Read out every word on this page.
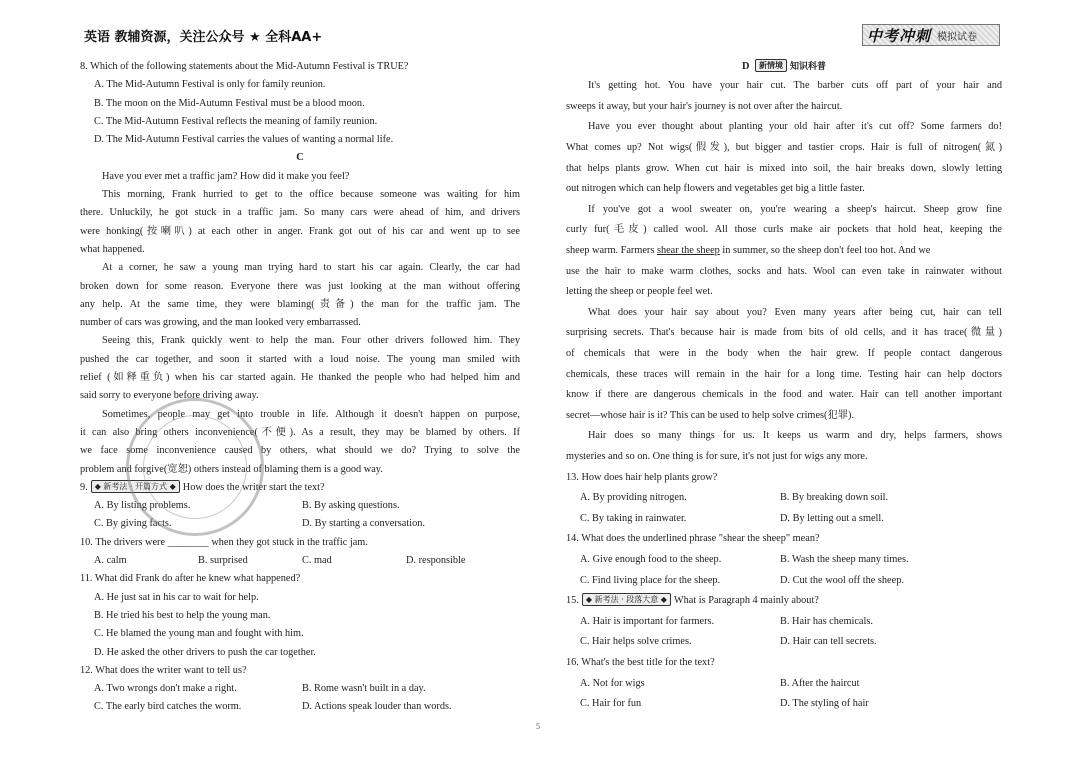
英语 教辅资源，关注公众号 ★ 全科AA+	中考冲刺 模拟试卷
8. Which of the following statements about the Mid-Autumn Festival is TRUE?
A. The Mid-Autumn Festival is only for family reunion.
B. The moon on the Mid-Autumn Festival must be a blood moon.
C. The Mid-Autumn Festival reflects the meaning of family reunion.
D. The Mid-Autumn Festival carries the values of wanting a normal life.
C
Have you ever met a traffic jam? How did it make you feel?
This morning, Frank hurried to get to the office because someone was waiting for him
there. Unluckily, he got stuck in a traffic jam. So many cars were ahead of him, and drivers
were honking(按喇叭) at each other in anger. Frank got out of his car and went up to see
what happened.
At a corner, he saw a young man trying hard to start his car again. Clearly, the car had
broken down for some reason. Everyone there was just looking at the man without offering
any help. At the same time, they were blaming(责备) the man for the traffic jam. The
number of cars was growing, and the man looked very embarrassed.
Seeing this, Frank quickly went to help the man. Four other drivers followed him. They
pushed the car together, and soon it started with a loud noise. The young man smiled with
relief (如释重负) when his car started again. He thanked the people who had helped him and
said sorry to everyone before driving away.
Sometimes, people may get into trouble in life. Although it doesn't happen on purpose,
it can also bring others inconvenience(不便). As a result, they may be blamed by others. If
we face some inconvenience caused by others, what should we do? Trying to solve the
problem and forgive(宽恕) others instead of blaming them is a good way.
9. ◆ 新考法 · 开篇方式 ◆ How does the writer start the text?
A. By listing problems.	B. By asking questions.
C. By giving facts.	D. By starting a conversation.
10. The drivers were ________ when they got stuck in the traffic jam.
A. calm	B. surprised	C. mad	D. responsible
11. What did Frank do after he knew what happened?
A. He just sat in his car to wait for help.
B. He tried his best to help the young man.
C. He blamed the young man and fought with him.
D. He asked the other drivers to push the car together.
12. What does the writer want to tell us?
A. Two wrongs don't make a right.	B. Rome wasn't built in a day.
C. The early bird catches the worm.	D. Actions speak louder than words.
D 新情境 知识科普
It's getting hot. You have your hair cut. The barber cuts off part of your hair and
sweeps it away, but your hair's journey is not over after the haircut.
Have you ever thought about planting your old hair after it's cut off? Some farmers do!
What comes up? Not wigs(假发), but bigger and tastier crops. Hair is full of nitrogen(氮)
that helps plants grow. When cut hair is mixed into soil, the hair breaks down, slowly letting
out nitrogen which can help flowers and vegetables get big a little faster.
If you've got a wool sweater on, you're wearing a sheep's haircut. Sheep grow fine
curly fur(毛皮) called wool. All those curls make air pockets that hold heat, keeping the
sheep warm. Farmers shear the sheep in summer, so the sheep don't feel too hot. And we
use the hair to make warm clothes, socks and hats. Wool can even take in rainwater without
letting the sheep or people feel wet.
What does your hair say about you? Even many years after being cut, hair can tell
surprising secrets. That's because hair is made from bits of old cells, and it has trace(微量)
of chemicals that were in the body when the hair grew. If people contact dangerous
chemicals, these traces will remain in the hair for a long time. Testing hair can help doctors
know if there are dangerous chemicals in the food and water. Hair can tell another important
secret—whose hair is it? This can be used to help solve crimes(犯罪).
Hair does so many things for us. It keeps us warm and dry, helps farmers, shows
mysteries and so on. One thing is for sure, it's not just for wigs any more.
13. How does hair help plants grow?
A. By providing nitrogen.	B. By breaking down soil.
C. By taking in rainwater.	D. By letting out a smell.
14. What does the underlined phrase "shear the sheep" mean?
A. Give enough food to the sheep.	B. Wash the sheep many times.
C. Find living place for the sheep.	D. Cut the wool off the sheep.
15. ◆ 新考法 · 段落大意 ◆ What is Paragraph 4 mainly about?
A. Hair is important for farmers.	B. Hair has chemicals.
C. Hair helps solve crimes.	D. Hair can tell secrets.
16. What's the best title for the text?
A. Not for wigs	B. After the haircut
C. Hair for fun	D. The styling of hair
5
